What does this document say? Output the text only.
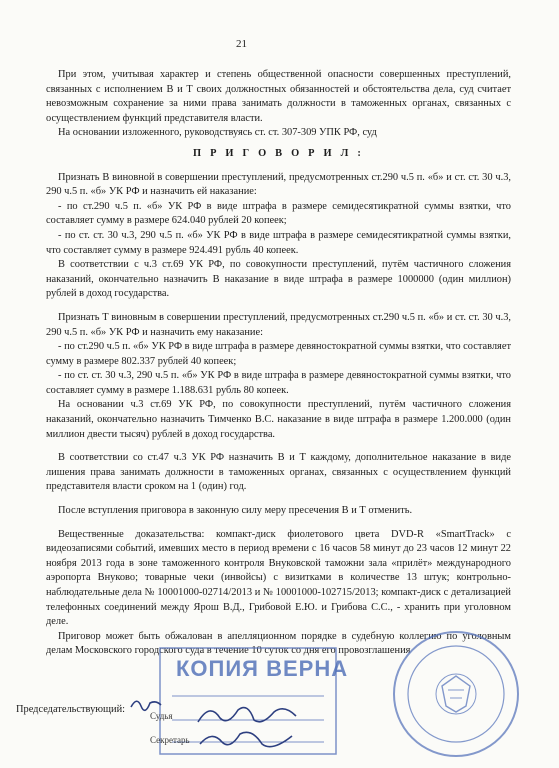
21

При этом, учитывая характер и степень общественной опасности совершенных преступлений, связанных с исполнением В и Т своих должностных обязанностей и обстоятельства дела, суд считает невозможным сохранение за ними права занимать должности в таможенных органах, связанных с осуществлением функций представителя власти.

На основании изложенного, руководствуясь ст. ст. 307-309 УПК РФ, суд

П Р И Г О В О Р И Л :

Признать В виновной в совершении преступлений, предусмотренных ст.290 ч.5 п. «б» и ст. ст. 30 ч.3, 290 ч.5 п. «б» УК РФ и назначить ей наказание:

- по ст.290 ч.5 п. «б» УК РФ в виде штрафа в размере семидесятикратной суммы взятки, что составляет сумму в размере 624.040 рублей 20 копеек;

- по ст. ст. 30 ч.3, 290 ч.5 п. «б» УК РФ в виде штрафа в размере семидесятикратной суммы взятки, что составляет сумму в размере 924.491 рубль 40 копеек.

В соответствии с ч.3 ст.69 УК РФ, по совокупности преступлений, путём частичного сложения наказаний, окончательно назначить В наказание в виде штрафа в размере 1000000 (один миллион) рублей в доход государства.

Признать Т виновным в совершении преступлений, предусмотренных ст.290 ч.5 п. «б» и ст. ст. 30 ч.3, 290 ч.5 п. «б» УК РФ и назначить ему наказание:

- по ст.290 ч.5 п. «б» УК РФ в виде штрафа в размере девяностократной суммы взятки, что составляет сумму в размере 802.337 рублей 40 копеек;

- по ст. ст. 30 ч.3, 290 ч.5 п. «б» УК РФ в виде штрафа в размере девяностократной суммы взятки, что составляет сумму в размере 1.188.631 рубль 80 копеек.

На основании ч.3 ст.69 УК РФ, по совокупности преступлений, путём частичного сложения наказаний, окончательно назначить Тимченко В.С. наказание в виде штрафа в размере 1.200.000 (один миллион двести тысяч) рублей в доход государства.

В соответствии со ст.47 ч.3 УК РФ назначить В и Т каждому, дополнительное наказание в виде лишения права занимать должности в таможенных органах, связанных с осуществлением функций представителя власти сроком на 1 (один) год.

После вступления приговора в законную силу меру пресечения В и Т отменить.

Вещественные доказательства: компакт-диск фиолетового цвета DVD-R «SmartTrack» с видеозаписями событий, имевших место в период времени с 16 часов 58 минут до 23 часов 12 минут 22 ноября 2013 года в зоне таможенного контроля Внуковской таможни зала «прилёт» международного аэропорта Внуково; товарные чеки (инвойсы) с визитками в количестве 13 штук; контрольно-наблюдательные дела № 10001000-02714/2013 и № 10001000-102715/2013; компакт-диск с детализацией телефонных соединений между Ярош В.Д., Грибовой Е.Ю. и Грибова С.С., - хранить при уголовном деле.

Приговор может быть обжалован в апелляционном порядке в судебную коллегию по уголовным делам Московского городского суда в течение 10 суток со дня его провозглашения

КОПИЯ ВЕРНА
Председательствующий:
Судья
Секретарь
